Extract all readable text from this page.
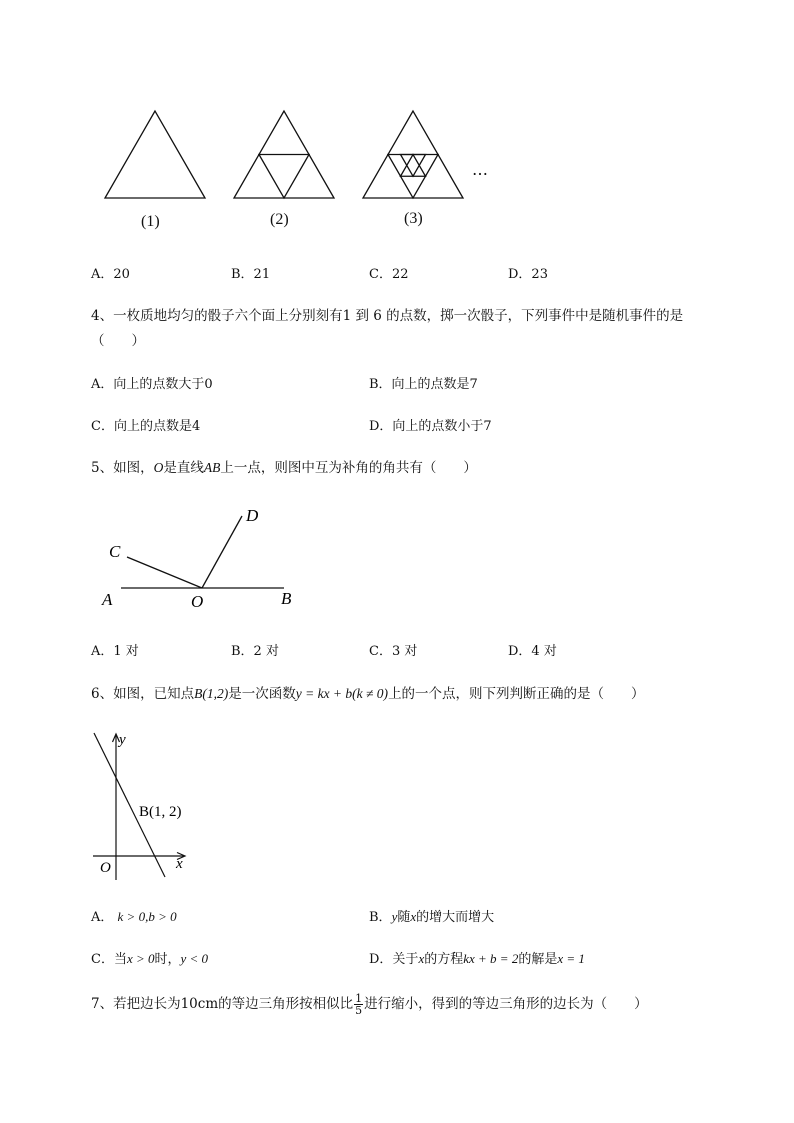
(1)	(2)	(3)
…
A．20	B．21	C．22	D．23
4、一枚质地均匀的骰子六个面上分别刻有1 到 6 的点数，掷一次骰子，下列事件中是随机事件的是
（　　）
A．向上的点数大于0	B．向上的点数是7
C．向上的点数是4	D．向上的点数小于7
5、如图，O是直线AB上一点，则图中互为补角的角共有（　　）
A	O	B
C
D
A．1 对	B．2 对	C．3 对	D．4 对
6、如图，已知点B(1,2)是一次函数y = kx + b(k ≠ 0)上的一个点，则下列判断正确的是（　　）
y
x
O
B(1, 2)
A． k > 0,b > 0	B．y随x的增大而增大
C．当x > 0时，y < 0	D．关于x的方程kx + b = 2的解是x = 1
7、若把边长为10cm的等边三角形按相似比 $\frac{1}{5}$ 进行缩小，得到的等边三角形的边长为（　　）
